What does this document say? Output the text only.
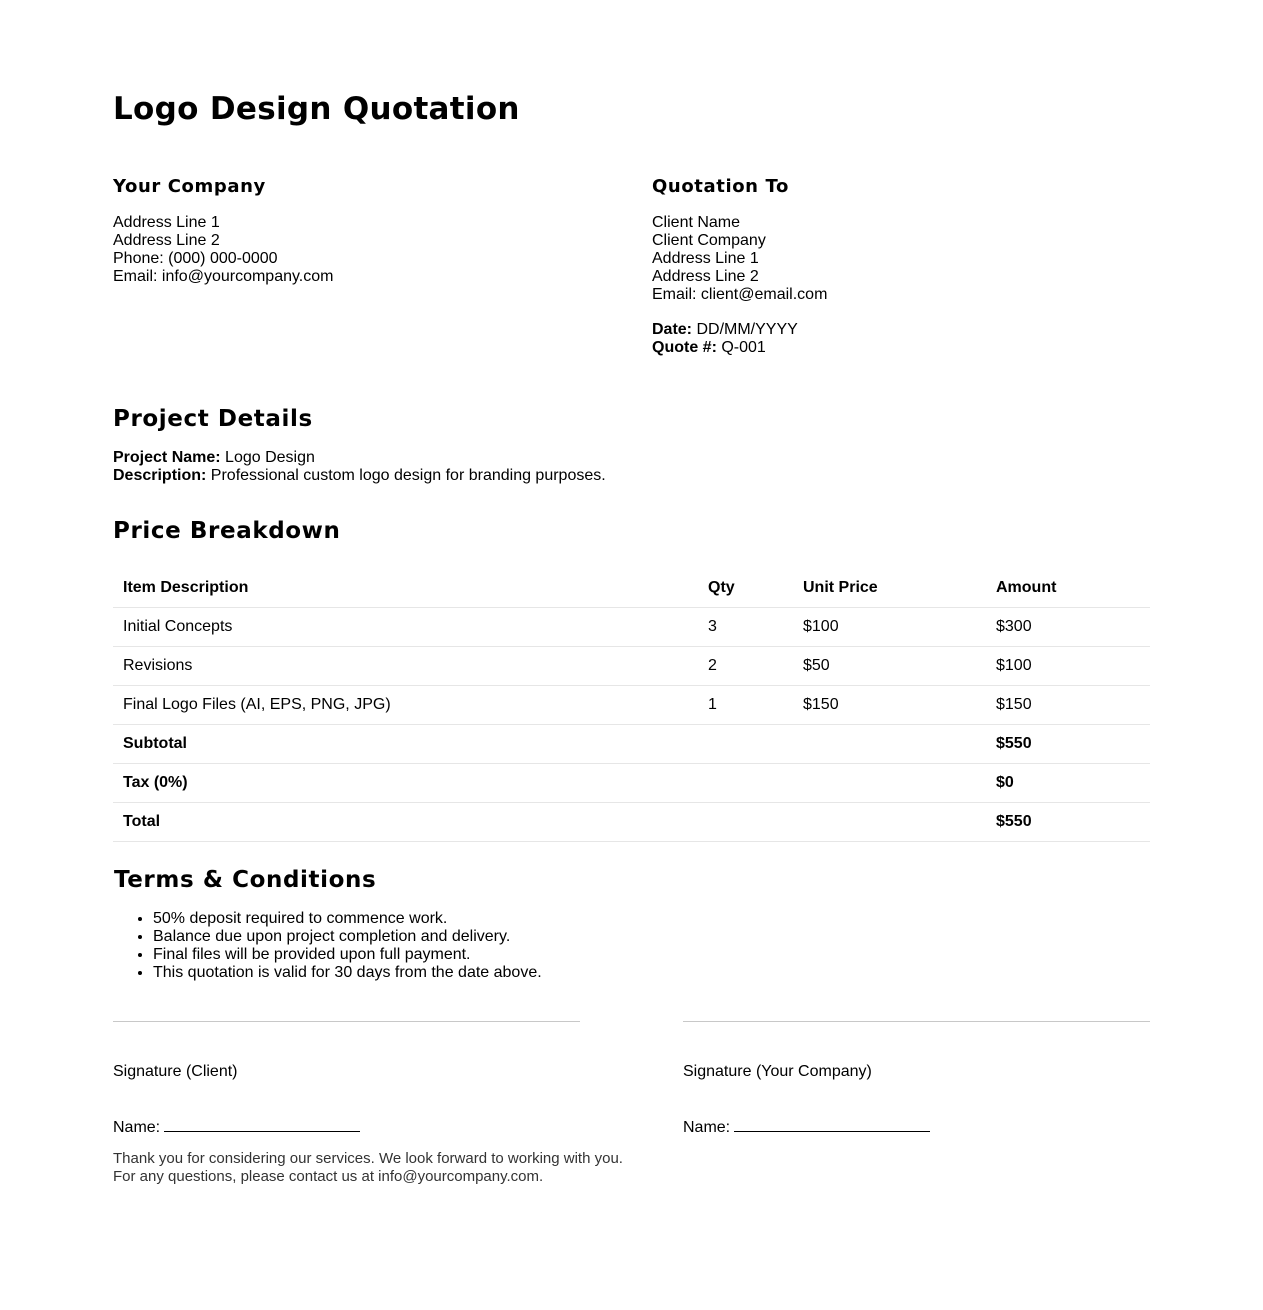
Logo Design Quotation
Your Company
Address Line 1
Address Line 2
Phone: (000) 000-0000
Email: info@yourcompany.com
Quotation To
Client Name
Client Company
Address Line 1
Address Line 2
Email: client@email.com
Date: DD/MM/YYYY
Quote #: Q-001
Project Details
Project Name: Logo Design
Description: Professional custom logo design for branding purposes.
Price Breakdown
Item Description	Qty	Unit Price	Amount
Initial Concepts	3	$100	$300
Revisions	2	$50	$100
Final Logo Files (AI, EPS, PNG, JPG)	1	$150	$150
Subtotal			$550
Tax (0%)			$0
Total			$550
Terms & Conditions
• 50% deposit required to commence work.
• Balance due upon project completion and delivery.
• Final files will be provided upon full payment.
• This quotation is valid for 30 days from the date above.
Signature (Client)
Name:
Signature (Your Company)
Name:
Thank you for considering our services. We look forward to working with you.
For any questions, please contact us at info@yourcompany.com.
